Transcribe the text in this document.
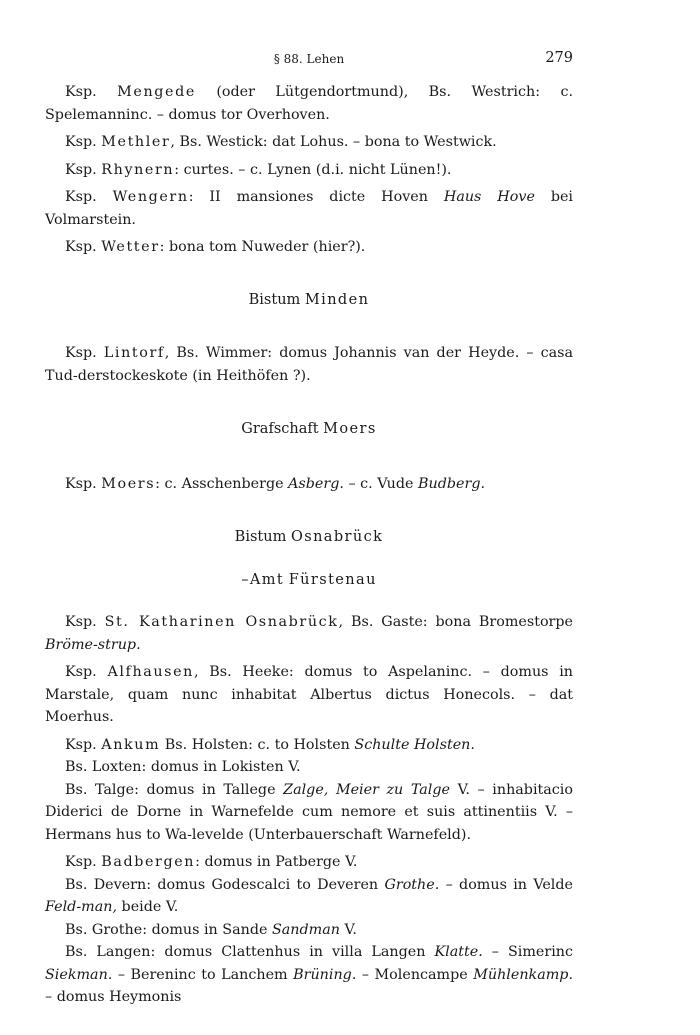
§ 88. Lehen	279

Ksp. Mengede (oder Lütgendortmund), Bs. Westrich: c. Spelemanninc. – domus tor Overhoven.

Ksp. Methler, Bs. Westick: dat Lohus. – bona to Westwick.

Ksp. Rhynern: curtes. – c. Lynen (d.i. nicht Lünen!).

Ksp. Wengern: II mansiones dicte Hoven Haus Hove bei Volmarstein.

Ksp. Wetter: bona tom Nuweder (hier?).

Bistum Minden

Ksp. Lintorf, Bs. Wimmer: domus Johannis van der Heyde. – casa Tud-derstockeskote (in Heithöfen ?).

Grafschaft Moers

Ksp. Moers: c. Asschenberge Asberg. – c. Vude Budberg.

Bistum Osnabrück

–Amt Fürstenau

Ksp. St. Katharinen Osnabrück, Bs. Gaste: bona Bromestorpe Bröme-strup.

Ksp. Alfhausen, Bs. Heeke: domus to Aspelaninc. – domus in Marstale, quam nunc inhabitat Albertus dictus Honecols. – dat Moerhus.

Ksp. Ankum Bs. Holsten: c. to Holsten Schulte Holsten.

Bs. Loxten: domus in Lokisten V.

Bs. Talge: domus in Tallege Zalge, Meier zu Talge V. – inhabitacio Diderici de Dorne in Warnefelde cum nemore et suis attinentiis V. – Hermans hus to Wa-levelde (Unterbauerschaft Warnefeld).

Ksp. Badbergen: domus in Patberge V.

Bs. Devern: domus Godescalci to Deveren Grothe. – domus in Velde Feld-man, beide V.

Bs. Grothe: domus in Sande Sandman V.

Bs. Langen: domus Clattenhus in villa Langen Klatte. – Simerinc Siekman. – Bereninc to Lanchem Brüning. – Molencampe Mühlenkamp. – domus Heymonis
